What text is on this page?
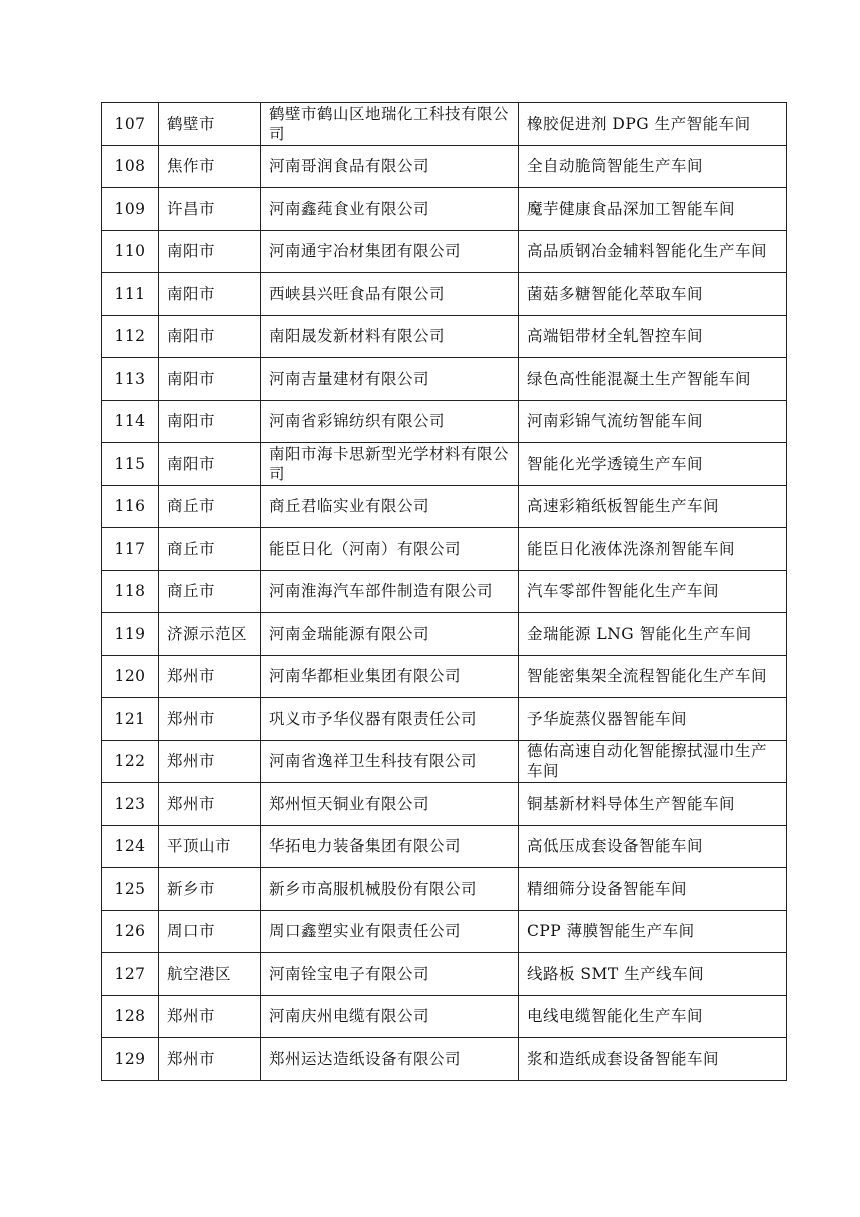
107	鹤壁市	鹤壁市鹤山区地瑞化工科技有限公司	橡胶促进剂 DPG 生产智能车间
108	焦作市	河南哥润食品有限公司	全自动脆筒智能生产车间
109	许昌市	河南鑫莼食业有限公司	魔芋健康食品深加工智能车间
110	南阳市	河南通宇冶材集团有限公司	高品质钢冶金辅料智能化生产车间
111	南阳市	西峡县兴旺食品有限公司	菌菇多糖智能化萃取车间
112	南阳市	南阳晟发新材料有限公司	高端铝带材全轧智控车间
113	南阳市	河南吉量建材有限公司	绿色高性能混凝土生产智能车间
114	南阳市	河南省彩锦纺织有限公司	河南彩锦气流纺智能车间
115	南阳市	南阳市海卡思新型光学材料有限公司	智能化光学透镜生产车间
116	商丘市	商丘君临实业有限公司	高速彩箱纸板智能生产车间
117	商丘市	能臣日化（河南）有限公司	能臣日化液体洗涤剂智能车间
118	商丘市	河南淮海汽车部件制造有限公司	汽车零部件智能化生产车间
119	济源示范区	河南金瑞能源有限公司	金瑞能源 LNG 智能化生产车间
120	郑州市	河南华都柜业集团有限公司	智能密集架全流程智能化生产车间
121	郑州市	巩义市予华仪器有限责任公司	予华旋蒸仪器智能车间
122	郑州市	河南省逸祥卫生科技有限公司	德佑高速自动化智能擦拭湿巾生产车间
123	郑州市	郑州恒天铜业有限公司	铜基新材料导体生产智能车间
124	平顶山市	华拓电力装备集团有限公司	高低压成套设备智能车间
125	新乡市	新乡市高服机械股份有限公司	精细筛分设备智能车间
126	周口市	周口鑫塑实业有限责任公司	CPP 薄膜智能生产车间
127	航空港区	河南铨宝电子有限公司	线路板 SMT 生产线车间
128	郑州市	河南庆州电缆有限公司	电线电缆智能化生产车间
129	郑州市	郑州运达造纸设备有限公司	浆和造纸成套设备智能车间
